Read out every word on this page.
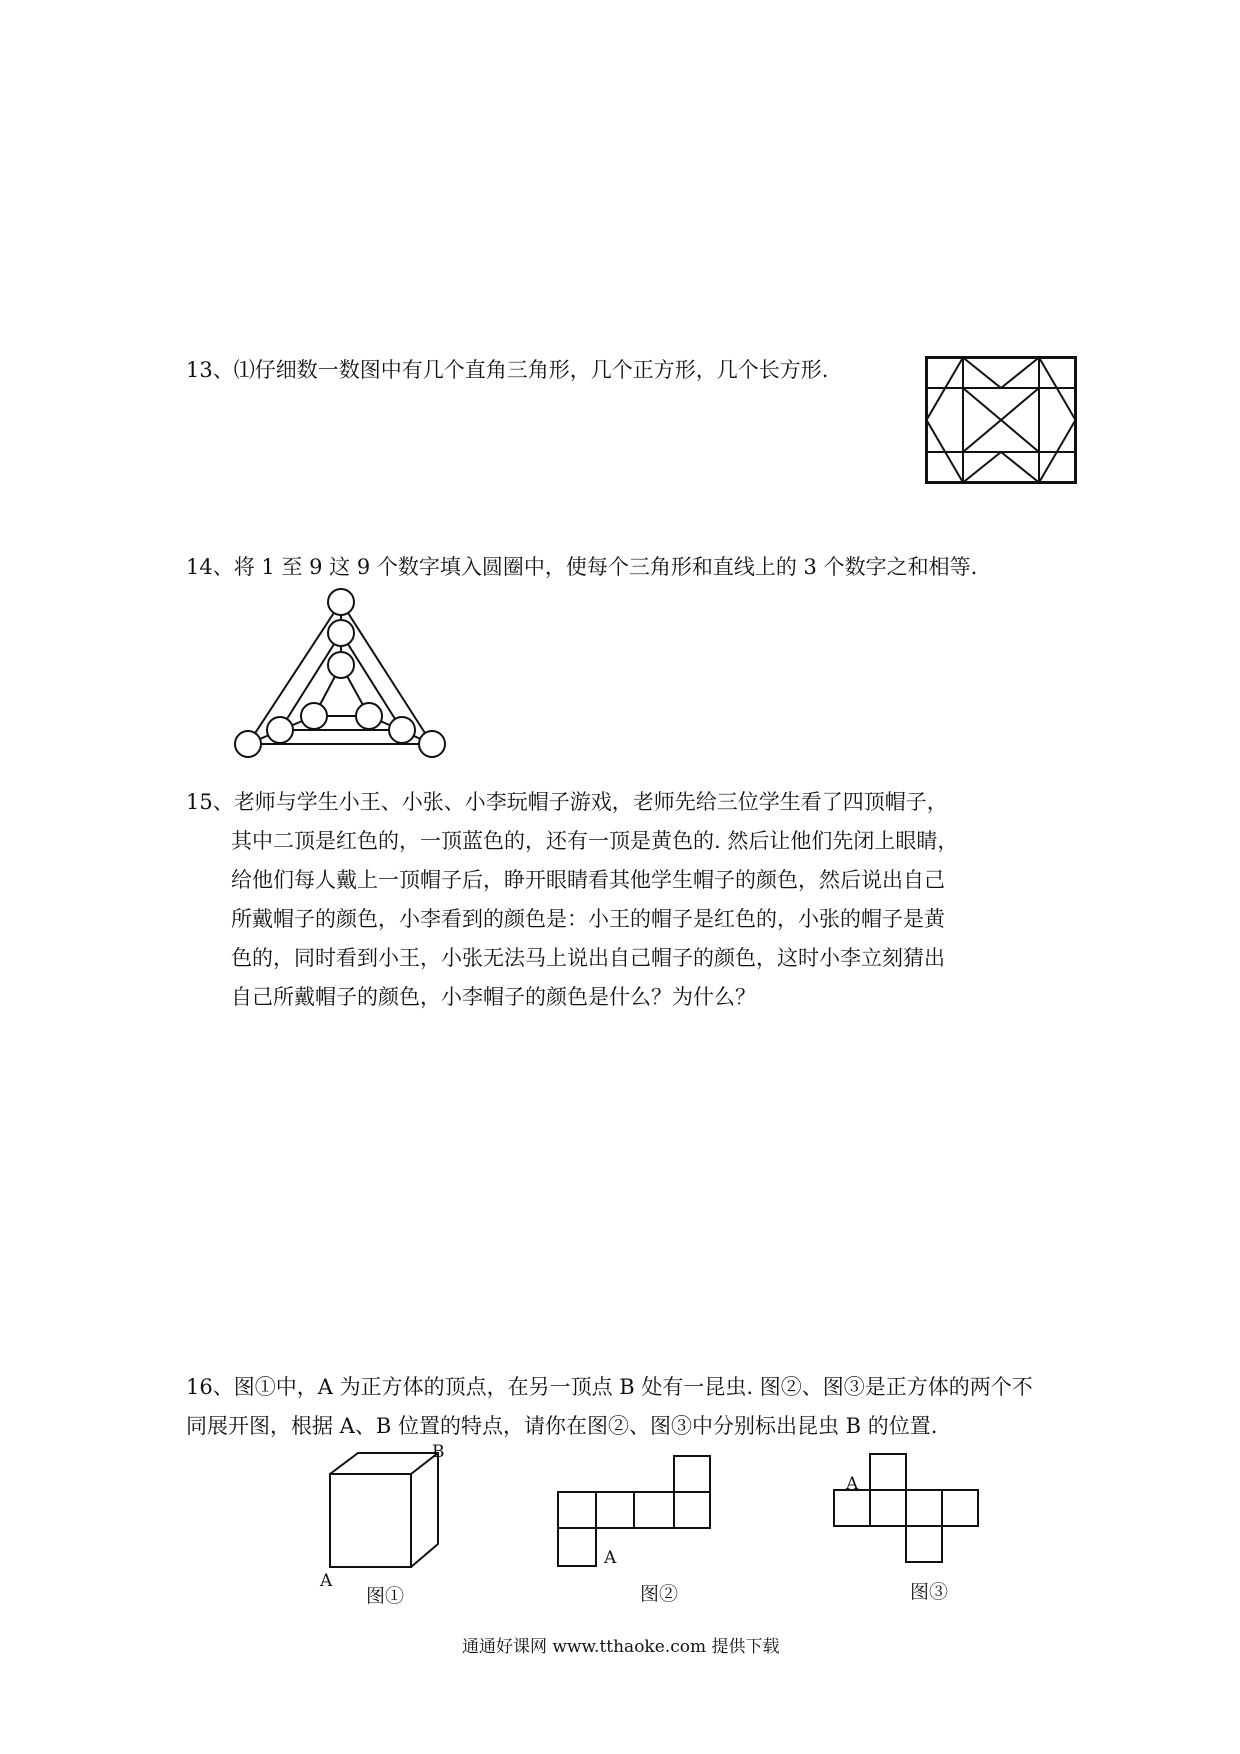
13、⑴仔细数一数图中有几个直角三角形，几个正方形，几个长方形.
14、将 1 至 9 这 9 个数字填入圆圈中，使每个三角形和直线上的 3 个数字之和相等.
15、老师与学生小王、小张、小李玩帽子游戏，老师先给三位学生看了四顶帽子，
其中二顶是红色的，一顶蓝色的，还有一顶是黄色的. 然后让他们先闭上眼睛，
给他们每人戴上一顶帽子后，睁开眼睛看其他学生帽子的颜色，然后说出自己
所戴帽子的颜色，小李看到的颜色是：小王的帽子是红色的，小张的帽子是黄
色的，同时看到小王，小张无法马上说出自己帽子的颜色，这时小李立刻猜出
自己所戴帽子的颜色，小李帽子的颜色是什么？为什么？
16、图①中，A 为正方体的顶点，在另一顶点 B 处有一昆虫. 图②、图③是正方体的两个不
同展开图，根据 A、B 位置的特点，请你在图②、图③中分别标出昆虫 B 的位置.
B
A
图①
A
图②
A
图③
通通好课网 www.tthaoke.com 提供下载
